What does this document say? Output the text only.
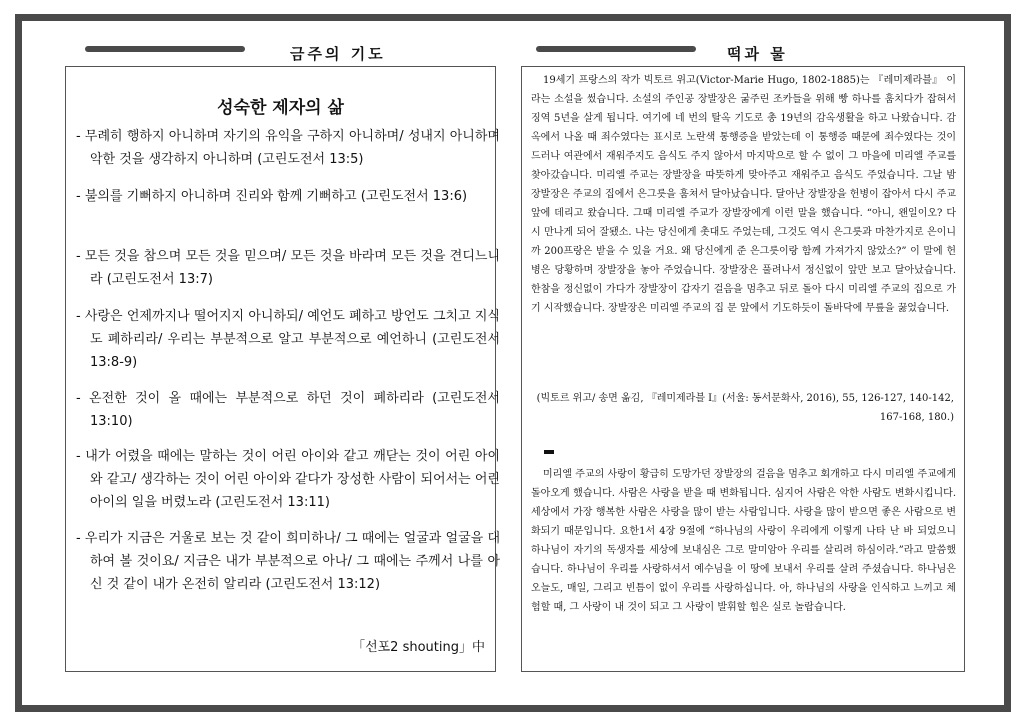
금주의 기도	떡과 물
성숙한 제자의 삶
- 무례히 행하지 아니하며 자기의 유익을 구하지 아니하며/ 성내지 아니하며 악한 것을 생각하지 아니하며 (고린도전서 13:5)
- 불의를 기뻐하지 아니하며 진리와 함께 기뻐하고 (고린도전서 13:6)
- 모든 것을 참으며 모든 것을 믿으며/ 모든 것을 바라며 모든 것을 견디느니라 (고린도전서 13:7)
- 사랑은 언제까지나 떨어지지 아니하되/ 예언도 폐하고 방언도 그치고 지식도 폐하리라/ 우리는 부분적으로 알고 부분적으로 예언하니 (고린도전서 13:8-9)
- 온전한 것이 올 때에는 부분적으로 하던 것이 폐하리라 (고린도전서 13:10)
- 내가 어렸을 때에는 말하는 것이 어린 아이와 같고 깨닫는 것이 어린 아이와 같고/ 생각하는 것이 어린 아이와 같다가 장성한 사람이 되어서는 어린 아이의 일을 버렸노라 (고린도전서 13:11)
- 우리가 지금은 거울로 보는 것 같이 희미하나/ 그 때에는 얼굴과 얼굴을 대하여 볼 것이요/ 지금은 내가 부분적으로 아나/ 그 때에는 주께서 나를 아신 것 같이 내가 온전히 알리라 (고린도전서 13:12)
「선포2 shouting」中
19세기 프랑스의 작가 빅토르 위고(Victor-Marie Hugo, 1802-1885)는 『레미제라블』 이라는 소설을 썼습니다. 소설의 주인공 장발장은 굶주린 조카들을 위해 빵 하나를 훔치다가 잡혀서 징역 5년을 살게 됩니다. 여기에 네 번의 탈옥 기도로 총 19년의 감옥생활을 하고 나왔습니다. 감옥에서 나올 때 죄수였다는 표시로 노란색 통행증을 받았는데 이 통행증 때문에 죄수였다는 것이 드러나 여관에서 재워주지도 음식도 주지 않아서 마지막으로 할 수 없이 그 마을에 미리엘 주교를 찾아갔습니다. 미리엘 주교는 장발장을 따뜻하게 맞아주고 재워주고 음식도 주었습니다. 그날 밤 장발장은 주교의 집에서 은그릇을 훔쳐서 달아났습니다. 달아난 장발장을 헌병이 잡아서 다시 주교 앞에 데리고 왔습니다. 그때 미리엘 주교가 장발장에게 이런 말을 했습니다. “아니, 왠일이오? 다시 만나게 되어 잘됐소. 나는 당신에게 촛대도 주었는데, 그것도 역시 은그릇과 마찬가지로 은이니까 200프랑은 받을 수 있을 거요. 왜 당신에게 준 은그릇이랑 함께 가져가지 않았소?” 이 말에 헌병은 당황하며 장발장을 놓아 주었습니다. 장발장은 풀려나서 정신없이 앞만 보고 달아났습니다. 한참을 정신없이 가다가 장발장이 갑자기 걸음을 멈추고 뒤로 돌아 다시 미리엘 주교의 집으로 가기 시작했습니다. 장발장은 미리엘 주교의 집 문 앞에서 기도하듯이 돌바닥에 무릎을 꿇었습니다.
(빅토르 위고/ 송면 옮김, 『레미제라블 I』(서울: 동서문화사, 2016), 55, 126-127, 140-142, 167-168, 180.)
미리엘 주교의 사랑이 황급히 도망가던 장발장의 걸음을 멈추고 회개하고 다시 미리엘 주교에게 돌아오게 했습니다. 사람은 사랑을 받을 때 변화됩니다. 심지어 사람은 악한 사람도 변화시킵니다. 세상에서 가장 행복한 사람은 사랑을 많이 받는 사람입니다. 사랑을 많이 받으면 좋은 사람으로 변화되기 때문입니다. 요한1서 4장 9절에 “하나님의 사랑이 우리에게 이렇게 나타 난 바 되었으니 하나님이 자기의 독생자를 세상에 보내심은 그로 말미암아 우리를 살리려 하심이라.”라고 말씀했습니다. 하나님이 우리를 사랑하셔서 예수님을 이 땅에 보내서 우리를 살려 주셨습니다. 하나님은 오늘도, 매일, 그리고 빈틈이 없이 우리를 사랑하십니다. 아, 하나님의 사랑을 인식하고 느끼고 체험할 때, 그 사랑이 내 것이 되고 그 사랑이 발휘할 힘은 실로 놀랍습니다.
